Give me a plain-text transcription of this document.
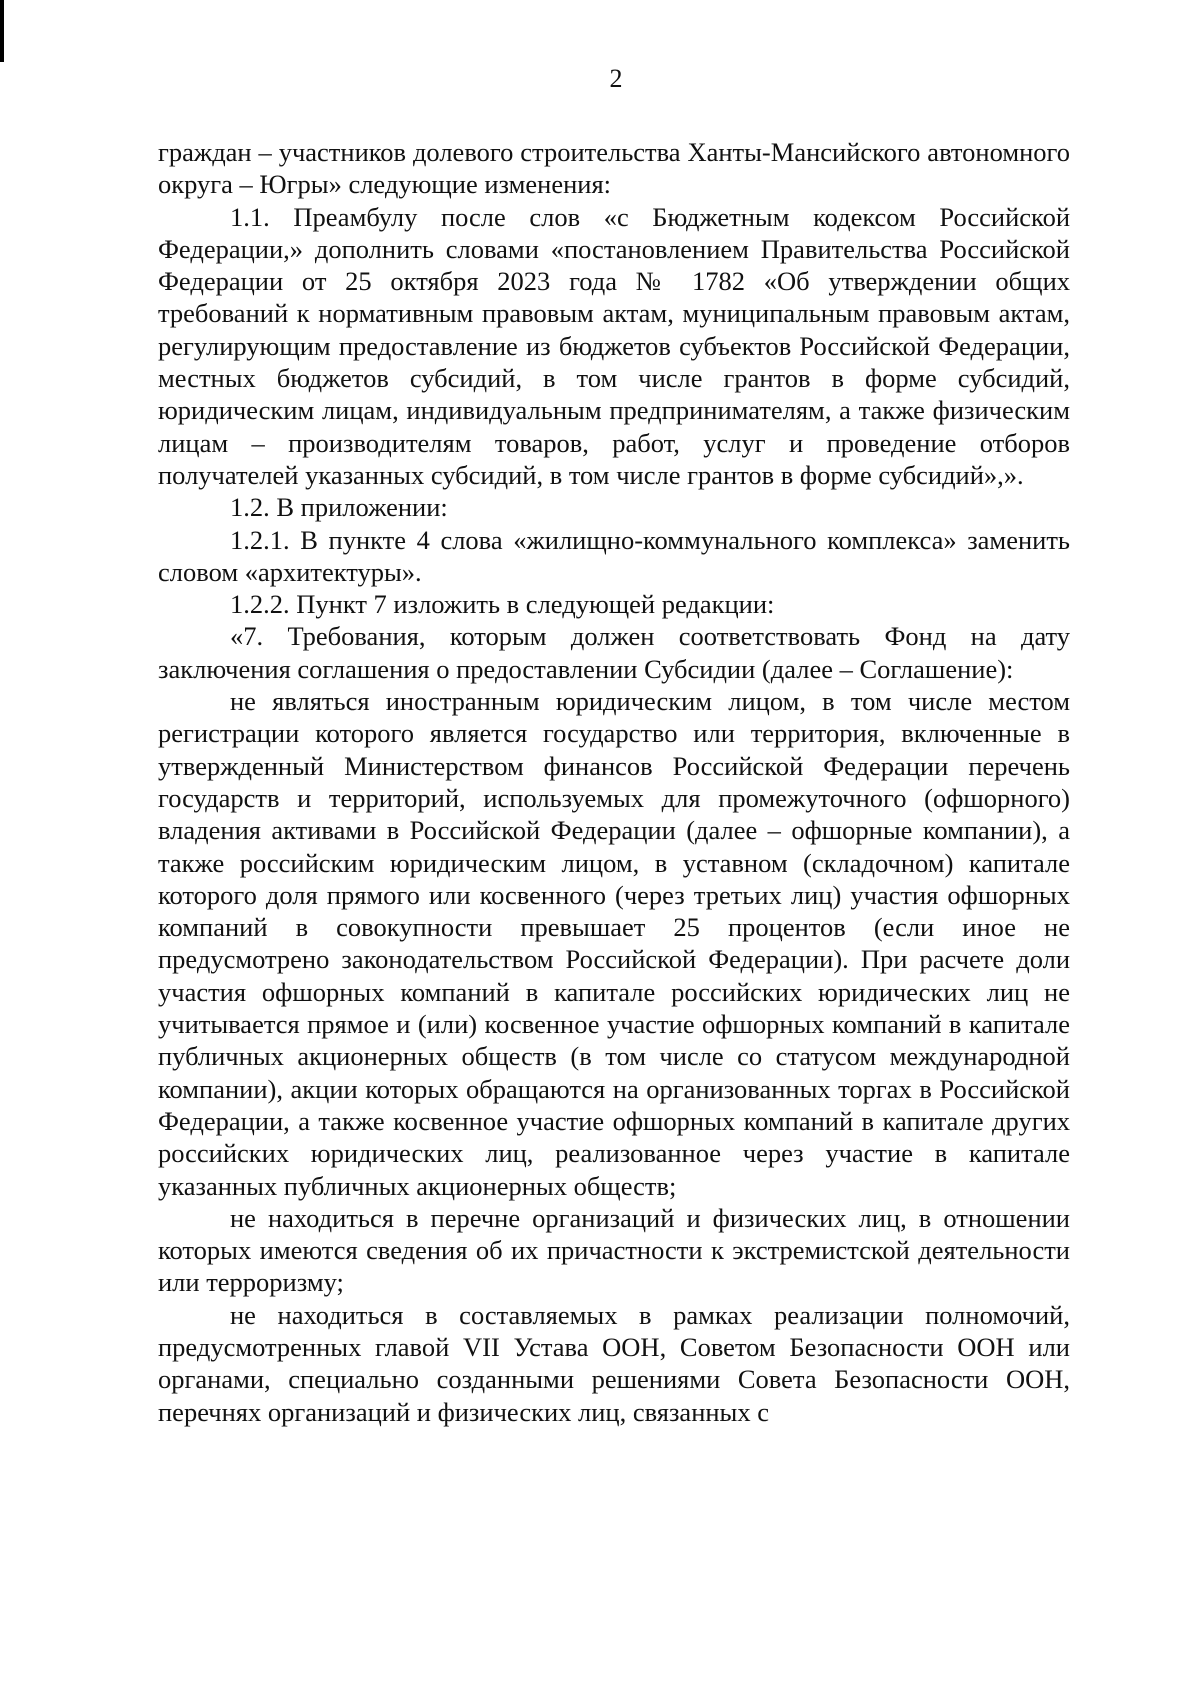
2

граждан – участников долевого строительства Ханты-Мансийского автономного округа – Югры» следующие изменения:

1.1. Преамбулу после слов «с Бюджетным кодексом Российской Федерации,» дополнить словами «постановлением Правительства Российской Федерации от 25 октября 2023 года № 1782 «Об утверждении общих требований к нормативным правовым актам, муниципальным правовым актам, регулирующим предоставление из бюджетов субъектов Российской Федерации, местных бюджетов субсидий, в том числе грантов в форме субсидий, юридическим лицам, индивидуальным предпринимателям, а также физическим лицам – производителям товаров, работ, услуг и проведение отборов получателей указанных субсидий, в том числе грантов в форме субсидий»,».

1.2. В приложении:

1.2.1. В пункте 4 слова «жилищно-коммунального комплекса» заменить словом «архитектуры».

1.2.2. Пункт 7 изложить в следующей редакции:

«7. Требования, которым должен соответствовать Фонд на дату заключения соглашения о предоставлении Субсидии (далее – Соглашение):

не являться иностранным юридическим лицом, в том числе местом регистрации которого является государство или территория, включенные в утвержденный Министерством финансов Российской Федерации перечень государств и территорий, используемых для промежуточного (офшорного) владения активами в Российской Федерации (далее – офшорные компании), а также российским юридическим лицом, в уставном (складочном) капитале которого доля прямого или косвенного (через третьих лиц) участия офшорных компаний в совокупности превышает 25 процентов (если иное не предусмотрено законодательством Российской Федерации). При расчете доли участия офшорных компаний в капитале российских юридических лиц не учитывается прямое и (или) косвенное участие офшорных компаний в капитале публичных акционерных обществ (в том числе со статусом международной компании), акции которых обращаются на организованных торгах в Российской Федерации, а также косвенное участие офшорных компаний в капитале других российских юридических лиц, реализованное через участие в капитале указанных публичных акционерных обществ;

не находиться в перечне организаций и физических лиц, в отношении которых имеются сведения об их причастности к экстремистской деятельности или терроризму;

не находиться в составляемых в рамках реализации полномочий, предусмотренных главой VII Устава ООН, Советом Безопасности ООН или органами, специально созданными решениями Совета Безопасности ООН, перечнях организаций и физических лиц, связанных с
